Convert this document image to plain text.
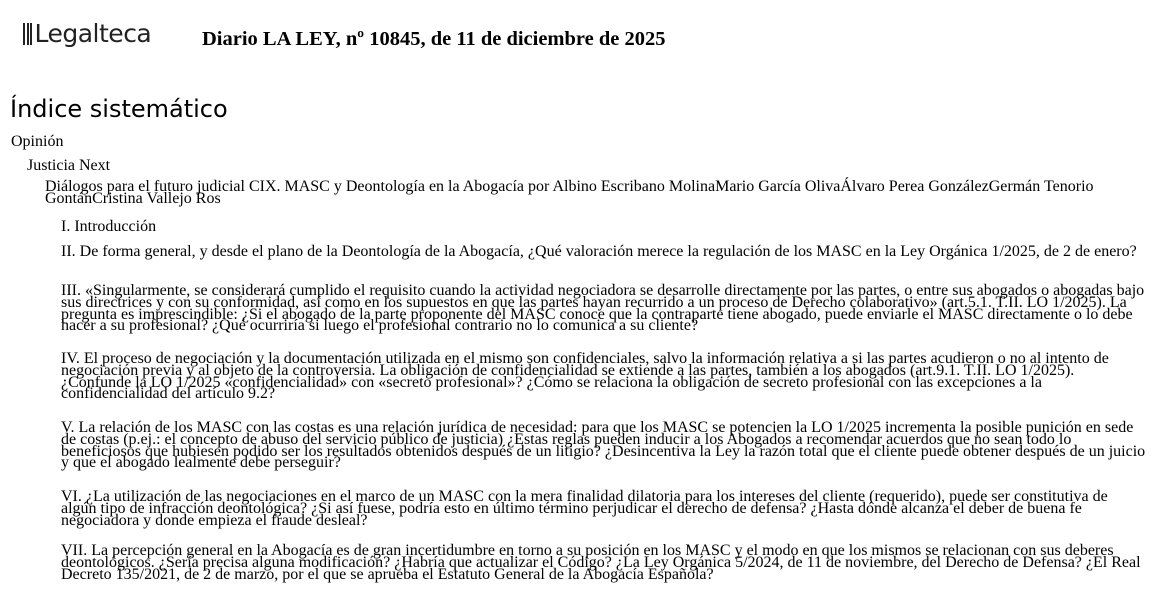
Legalteca Diario LA LEY, nº 10845, de 11 de diciembre de 2025
Índice sistemático
Opinión
Justicia Next
Diálogos para el futuro judicial CIX. MASC y Deontología en la Abogacía por Albino Escribano MolinaMario García OlivaÁlvaro Perea GonzálezGermán Tenorio GontánCristina Vallejo Ros
I. Introducción
II. De forma general, y desde el plano de la Deontología de la Abogacía, ¿Qué valoración merece la regulación de los MASC en la Ley Orgánica 1/2025, de 2 de enero?
III. «Singularmente, se considerará cumplido el requisito cuando la actividad negociadora se desarrolle directamente por las partes, o entre sus abogados o abogadas bajo sus directrices y con su conformidad, así como en los supuestos en que las partes hayan recurrido a un proceso de Derecho colaborativo» (art.5.1. T.II. LO 1/2025). La pregunta es imprescindible: ¿Si el abogado de la parte proponente del MASC conoce que la contraparte tiene abogado, puede enviarle el MASC directamente o lo debe hacer a su profesional? ¿Qué ocurriría si luego el profesional contrario no lo comunica a su cliente?
IV. El proceso de negociación y la documentación utilizada en el mismo son confidenciales, salvo la información relativa a si las partes acudieron o no al intento de negociación previa y al objeto de la controversia. La obligación de confidencialidad se extiende a las partes, también a los abogados (art.9.1. T.II. LO 1/2025). ¿Confunde la LO 1/2025 «confidencialidad» con «secreto profesional»? ¿Cómo se relaciona la obligación de secreto profesional con las excepciones a la confidencialidad del artículo 9.2?
V. La relación de los MASC con las costas es una relación jurídica de necesidad: para que los MASC se potencien la LO 1/2025 incrementa la posible punición en sede de costas (p.ej.: el concepto de abuso del servicio público de justicia) ¿Estas reglas pueden inducir a los Abogados a recomendar acuerdos que no sean todo lo beneficiosos que hubiesen podido ser los resultados obtenidos después de un litigio? ¿Desincentiva la Ley la razón total que el cliente puede obtener después de un juicio y que el abogado lealmente debe perseguir?
VI. ¿La utilización de las negociaciones en el marco de un MASC con la mera finalidad dilatoria para los intereses del cliente (requerido), puede ser constitutiva de algún tipo de infracción deontológica? ¿Si así fuese, podría esto en último término perjudicar el derecho de defensa? ¿Hasta dónde alcanza el deber de buena fe negociadora y donde empieza el fraude desleal?
VII. La percepción general en la Abogacía es de gran incertidumbre en torno a su posición en los MASC y el modo en que los mismos se relacionan con sus deberes deontológicos. ¿Sería precisa alguna modificación? ¿Habría que actualizar el Código? ¿La Ley Orgánica 5/2024, de 11 de noviembre, del Derecho de Defensa? ¿El Real Decreto 135/2021, de 2 de marzo, por el que se aprueba el Estatuto General de la Abogacía Española?
